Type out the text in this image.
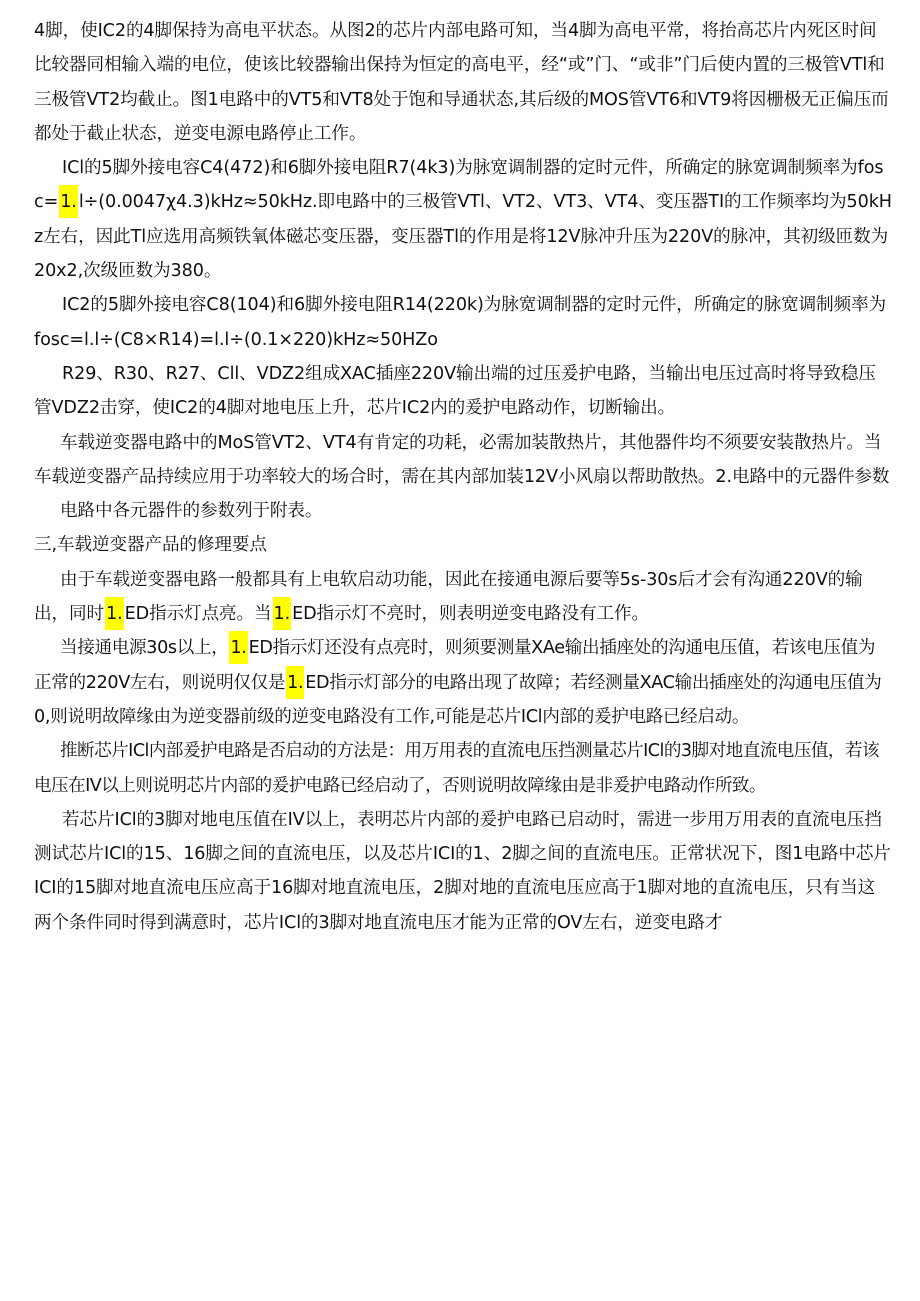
4脚，使IC2的4脚保持为高电平状态。从图2的芯片内部电路可知，当4脚为高电平常，将抬高芯片内死区时间比较器同相输入端的电位，使该比较器输出保持为恒定的高电平，经“或”门、“或非”门后使内置的三极管VTl和三极管VT2均截止。图1电路中的VT5和VT8处于饱和导通状态,其后级的MOS管VT6和VT9将因栅极无正偏压而都处于截止状态，逆变电源电路停止工作。

ICl的5脚外接电容C4(472)和6脚外接电阻R7(4k3)为脉宽调制器的定时元件，所确定的脉宽调制频率为fosc= 1. l÷(0.0047χ4.3)kHz≈50kHz.即电路中的三极管VTl、VT2、VT3、VT4、变压器TI的工作频率均为50kHz左右，因此Tl应选用高频铁氧体磁芯变压器，变压器Tl的作用是将12V脉冲升压为220V的脉冲，其初级匝数为20x2,次级匝数为380。

IC2的5脚外接电容C8(104)和6脚外接电阻R14(220k)为脉宽调制器的定时元件，所确定的脉宽调制频率为fosc=l.l÷(C8×R14)=l.l÷(0.1×220)kHz≈50HZo

R29、R30、R27、Cll、VDZ2组成XAC插座220V输出端的过压爰护电路，当输出电压过高时将导致稳压管VDZ2击穿，使IC2的4脚对地电压上升，芯片IC2内的爰护电路动作，切断输出。

车载逆变器电路中的MoS管VT2、VT4有肯定的功耗，必需加装散热片，其他器件均不须要安装散热片。当车载逆变器产品持续应用于功率较大的场合时，需在其内部加装12V小风扇以帮助散热。2.电路中的元器件参数

电路中各元器件的参数列于附表。

三,车载逆变器产品的修理要点

由于车载逆变器电路一般都具有上电软启动功能，因此在接通电源后要等5s-30s后才会有沟通220V的输出，同时 1. ED指示灯点亮。当 1. ED指示灯不亮时，则表明逆变电路没有工作。

当接通电源30s以上， 1. ED指示灯还没有点亮时，则须要测量XAe输出插座处的沟通电压值，若该电压值为正常的220V左右，则说明仅仅是 1. ED指示灯部分的电路出现了故障；若经测量XAC输出插座处的沟通电压值为0,则说明故障缘由为逆变器前级的逆变电路没有工作,可能是芯片ICl内部的爰护电路已经启动。

推断芯片ICl内部爰护电路是否启动的方法是：用万用表的直流电压挡测量芯片ICl的3脚对地直流电压值，若该电压在IV以上则说明芯片内部的爰护电路已经启动了，否则说明故障缘由是非爰护电路动作所致。

若芯片ICl的3脚对地电压值在IV以上，表明芯片内部的爰护电路已启动时，需进一步用万用表的直流电压挡测试芯片ICl的15、16脚之间的直流电压，以及芯片ICI的1、2脚之间的直流电压。正常状况下，图1电路中芯片ICI的15脚对地直流电压应高于16脚对地直流电压，2脚对地的直流电压应高于1脚对地的直流电压，只有当这两个条件同时得到满意时，芯片ICl的3脚对地直流电压才能为正常的OV左右，逆变电路才
